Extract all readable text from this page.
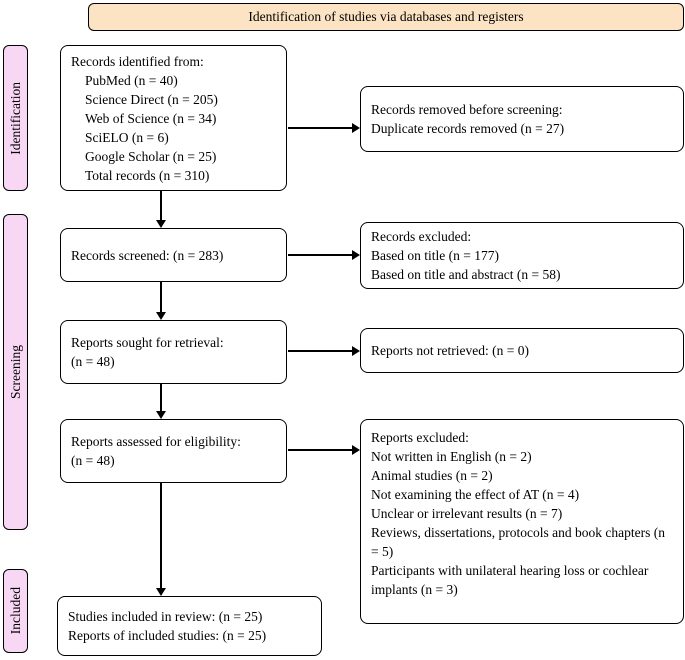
Identification of studies via databases and registers
Identification
Screening
Included
Records identified from:
PubMed (n = 40)
Science Direct (n = 205)
Web of Science (n = 34)
SciELO (n = 6)
Google Scholar (n = 25)
Total records (n = 310)
Records removed before screening:
Duplicate records removed (n = 27)
Records screened: (n = 283)
Records excluded:
Based on title (n = 177)
Based on title and abstract (n = 58)
Reports sought for retrieval:
(n = 48)
Reports not retrieved: (n = 0)
Reports assessed for eligibility:
(n = 48)
Reports excluded:
Not written in English (n = 2)
Animal studies (n = 2)
Not examining the effect of AT (n = 4)
Unclear or irrelevant results (n = 7)
Reviews, dissertations, protocols and book chapters (n = 5)
Participants with unilateral hearing loss or cochlear implants (n = 3)
Studies included in review: (n = 25)
Reports of included studies: (n = 25)
